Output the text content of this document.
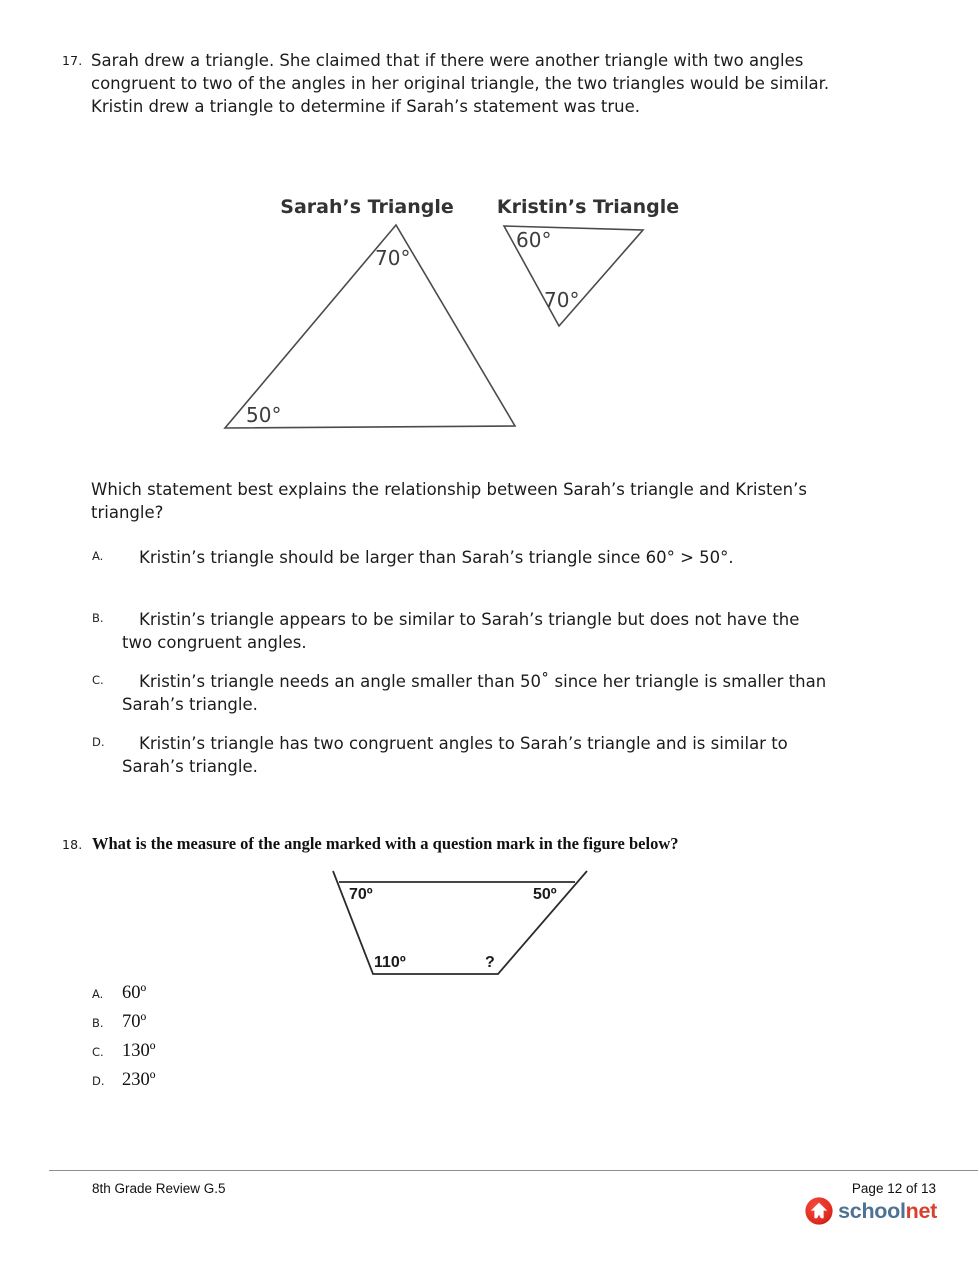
17. Sarah drew a triangle. She claimed that if there were another triangle with two angles congruent to two of the angles in her original triangle, the two triangles would be similar. Kristin drew a triangle to determine if Sarah’s statement was true.
Sarah’s Triangle Kristin’s Triangle
70°
50°
60°
70°
Which statement best explains the relationship between Sarah’s triangle and Kristen’s triangle?
A.	Kristin’s triangle should be larger than Sarah’s triangle since 60° > 50°.
B.	Kristin’s triangle appears to be similar to Sarah’s triangle but does not have the two congruent angles.
C.	Kristin’s triangle needs an angle smaller than 50˚ since her triangle is smaller than Sarah’s triangle.
D.	Kristin’s triangle has two congruent angles to Sarah’s triangle and is similar to Sarah’s triangle.
18. What is the measure of the angle marked with a question mark in the figure below?
70º	50º
110º	?
A. 60º
B. 70º
C. 130º
D. 230º
8th Grade Review G.5	Page 12 of 13
schoolnet
